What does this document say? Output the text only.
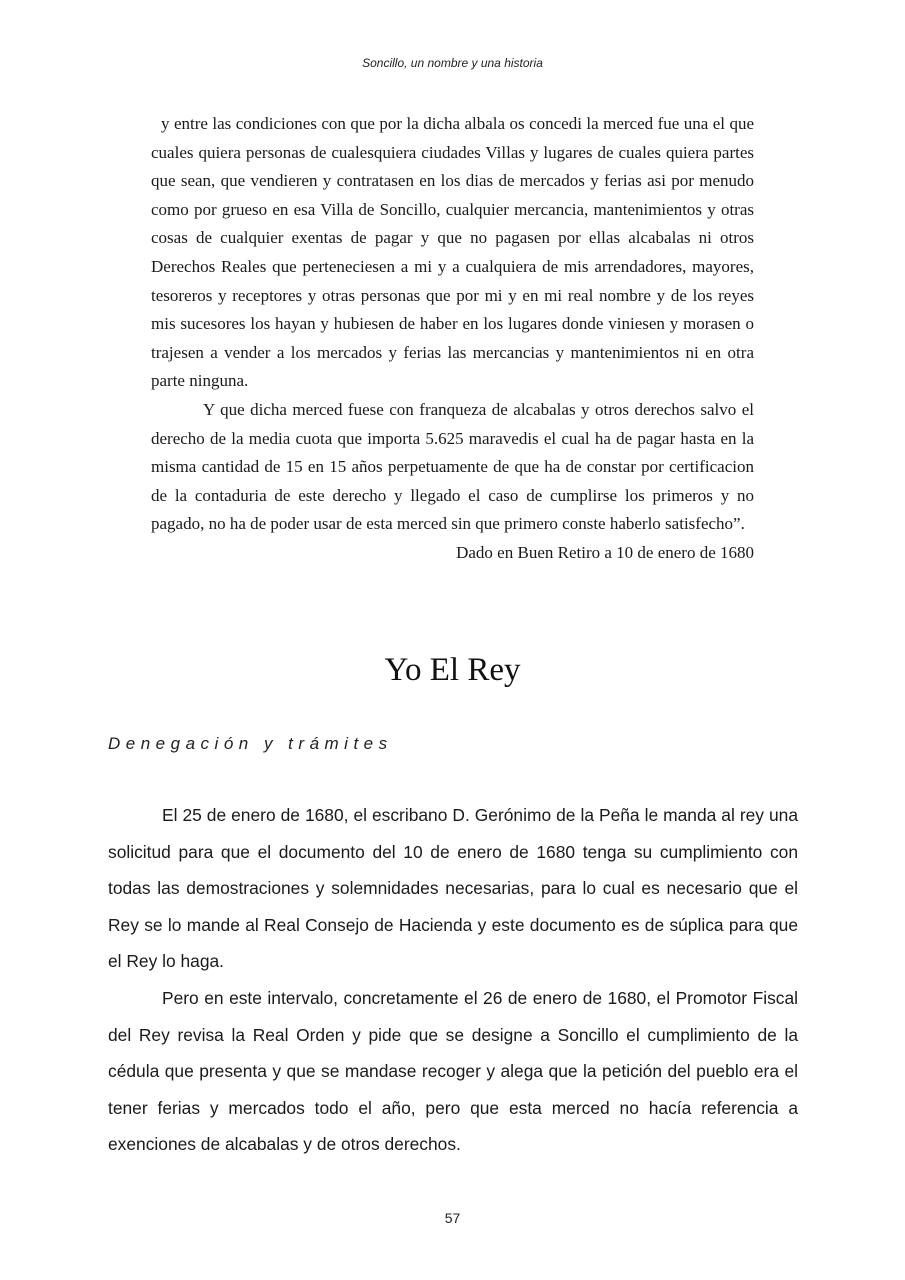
Soncillo, un nombre y una historia

y entre las condiciones con que por la dicha albala os concedi la merced fue una el que cuales quiera personas de cualesquiera ciudades Villas y lugares de cuales quiera partes que sean, que vendieren y contratasen en los dias de mercados y ferias asi por menudo como por grueso en esa Villa de Soncillo, cualquier mercancia, mantenimientos y otras cosas de cualquier exentas de pagar y que no pagasen por ellas alcabalas ni otros Derechos Reales que perteneciesen a mi y a cualquiera de mis arrendadores, mayores, tesoreros y receptores y otras personas que por mi y en mi real nombre y de los reyes mis sucesores los hayan y hubiesen de haber en los lugares donde viniesen y morasen o trajesen a vender a los mercados y ferias las mercancias y mantenimientos ni en otra parte ninguna.

Y que dicha merced fuese con franqueza de alcabalas y otros derechos salvo el derecho de la media cuota que importa 5.625 maravedis el cual ha de pagar hasta en la misma cantidad de 15 en 15 años perpetuamente de que ha de constar por certificacion de la contaduria de este derecho y llegado el caso de cumplirse los primeros y no pagado, no ha de poder usar de esta merced sin que primero conste haberlo satisfecho”.

Dado en Buen Retiro a 10 de enero de 1680

Yo El Rey
Denegación y trámites

El 25 de enero de 1680, el escribano D. Gerónimo de la Peña le manda al rey una solicitud para que el documento del 10 de enero de 1680 tenga su cumplimiento con todas las demostraciones y solemnidades necesarias, para lo cual es necesario que el Rey se lo mande al Real Consejo de Hacienda y este documento es de súplica para que el Rey lo haga.

Pero en este intervalo, concretamente el 26 de enero de 1680, el Promotor Fiscal del Rey revisa la Real Orden y pide que se designe a Soncillo el cumplimiento de la cédula que presenta y que se mandase recoger y alega que la petición del pueblo era el tener ferias y mercados todo el año, pero que esta merced no hacía referencia a exenciones de alcabalas y de otros derechos.

57
